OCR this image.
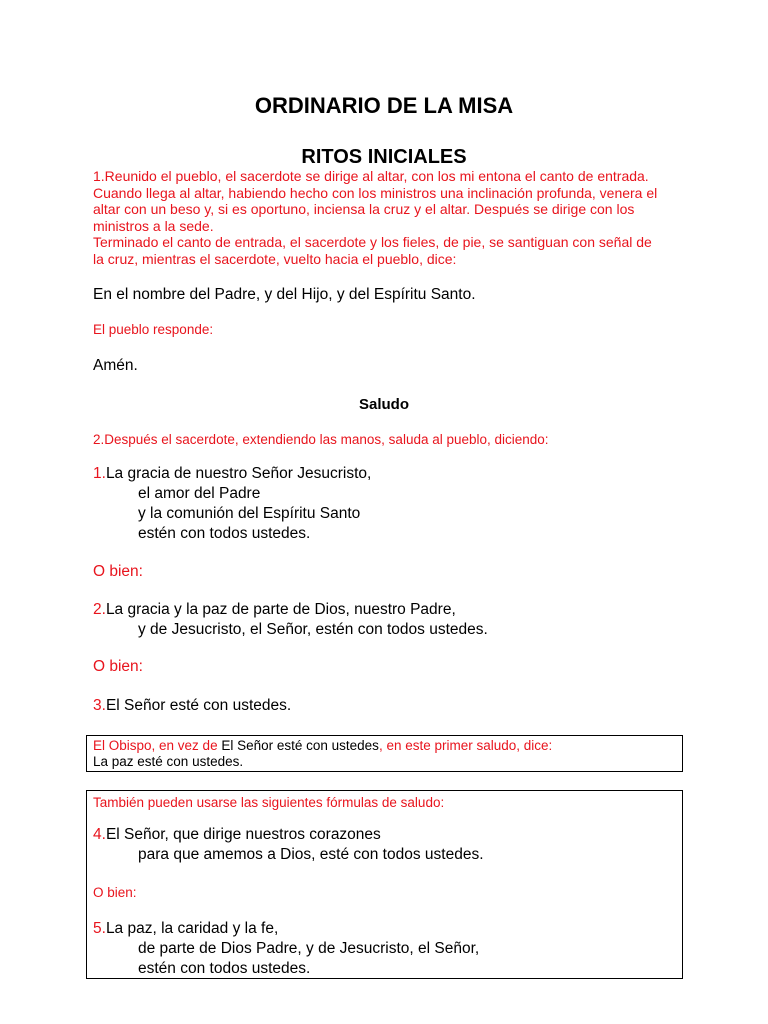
ORDINARIO DE LA MISA
RITOS INICIALES
1.Reunido el pueblo, el sacerdote se dirige al altar, con los mi entona el canto de entrada.
Cuando llega al altar, habiendo hecho con los ministros una inclinación profunda, venera el
altar con un beso y, si es oportuno, inciensa la cruz y el altar. Después se dirige con los
ministros a la sede.
Terminado el canto de entrada, el sacerdote y los fieles, de pie, se santiguan con señal de
la cruz, mientras el sacerdote, vuelto hacia el pueblo, dice:
En el nombre del Padre, y del Hijo, y del Espíritu Santo.
El pueblo responde:
Amén.
Saludo
2.Después el sacerdote, extendiendo las manos, saluda al pueblo, diciendo:
1.La gracia de nuestro Señor Jesucristo,
el amor del Padre
y la comunión del Espíritu Santo
estén con todos ustedes.
O bien:
2.La gracia y la paz de parte de Dios, nuestro Padre,
y de Jesucristo, el Señor, estén con todos ustedes.
O bien:
3.El Señor esté con ustedes.
El Obispo, en vez de El Señor esté con ustedes, en este primer saludo, dice:
La paz esté con ustedes.
También pueden usarse las siguientes fórmulas de saludo:
4.El Señor, que dirige nuestros corazones
para que amemos a Dios, esté con todos ustedes.
O bien:
5.La paz, la caridad y la fe,
de parte de Dios Padre, y de Jesucristo, el Señor,
estén con todos ustedes.
